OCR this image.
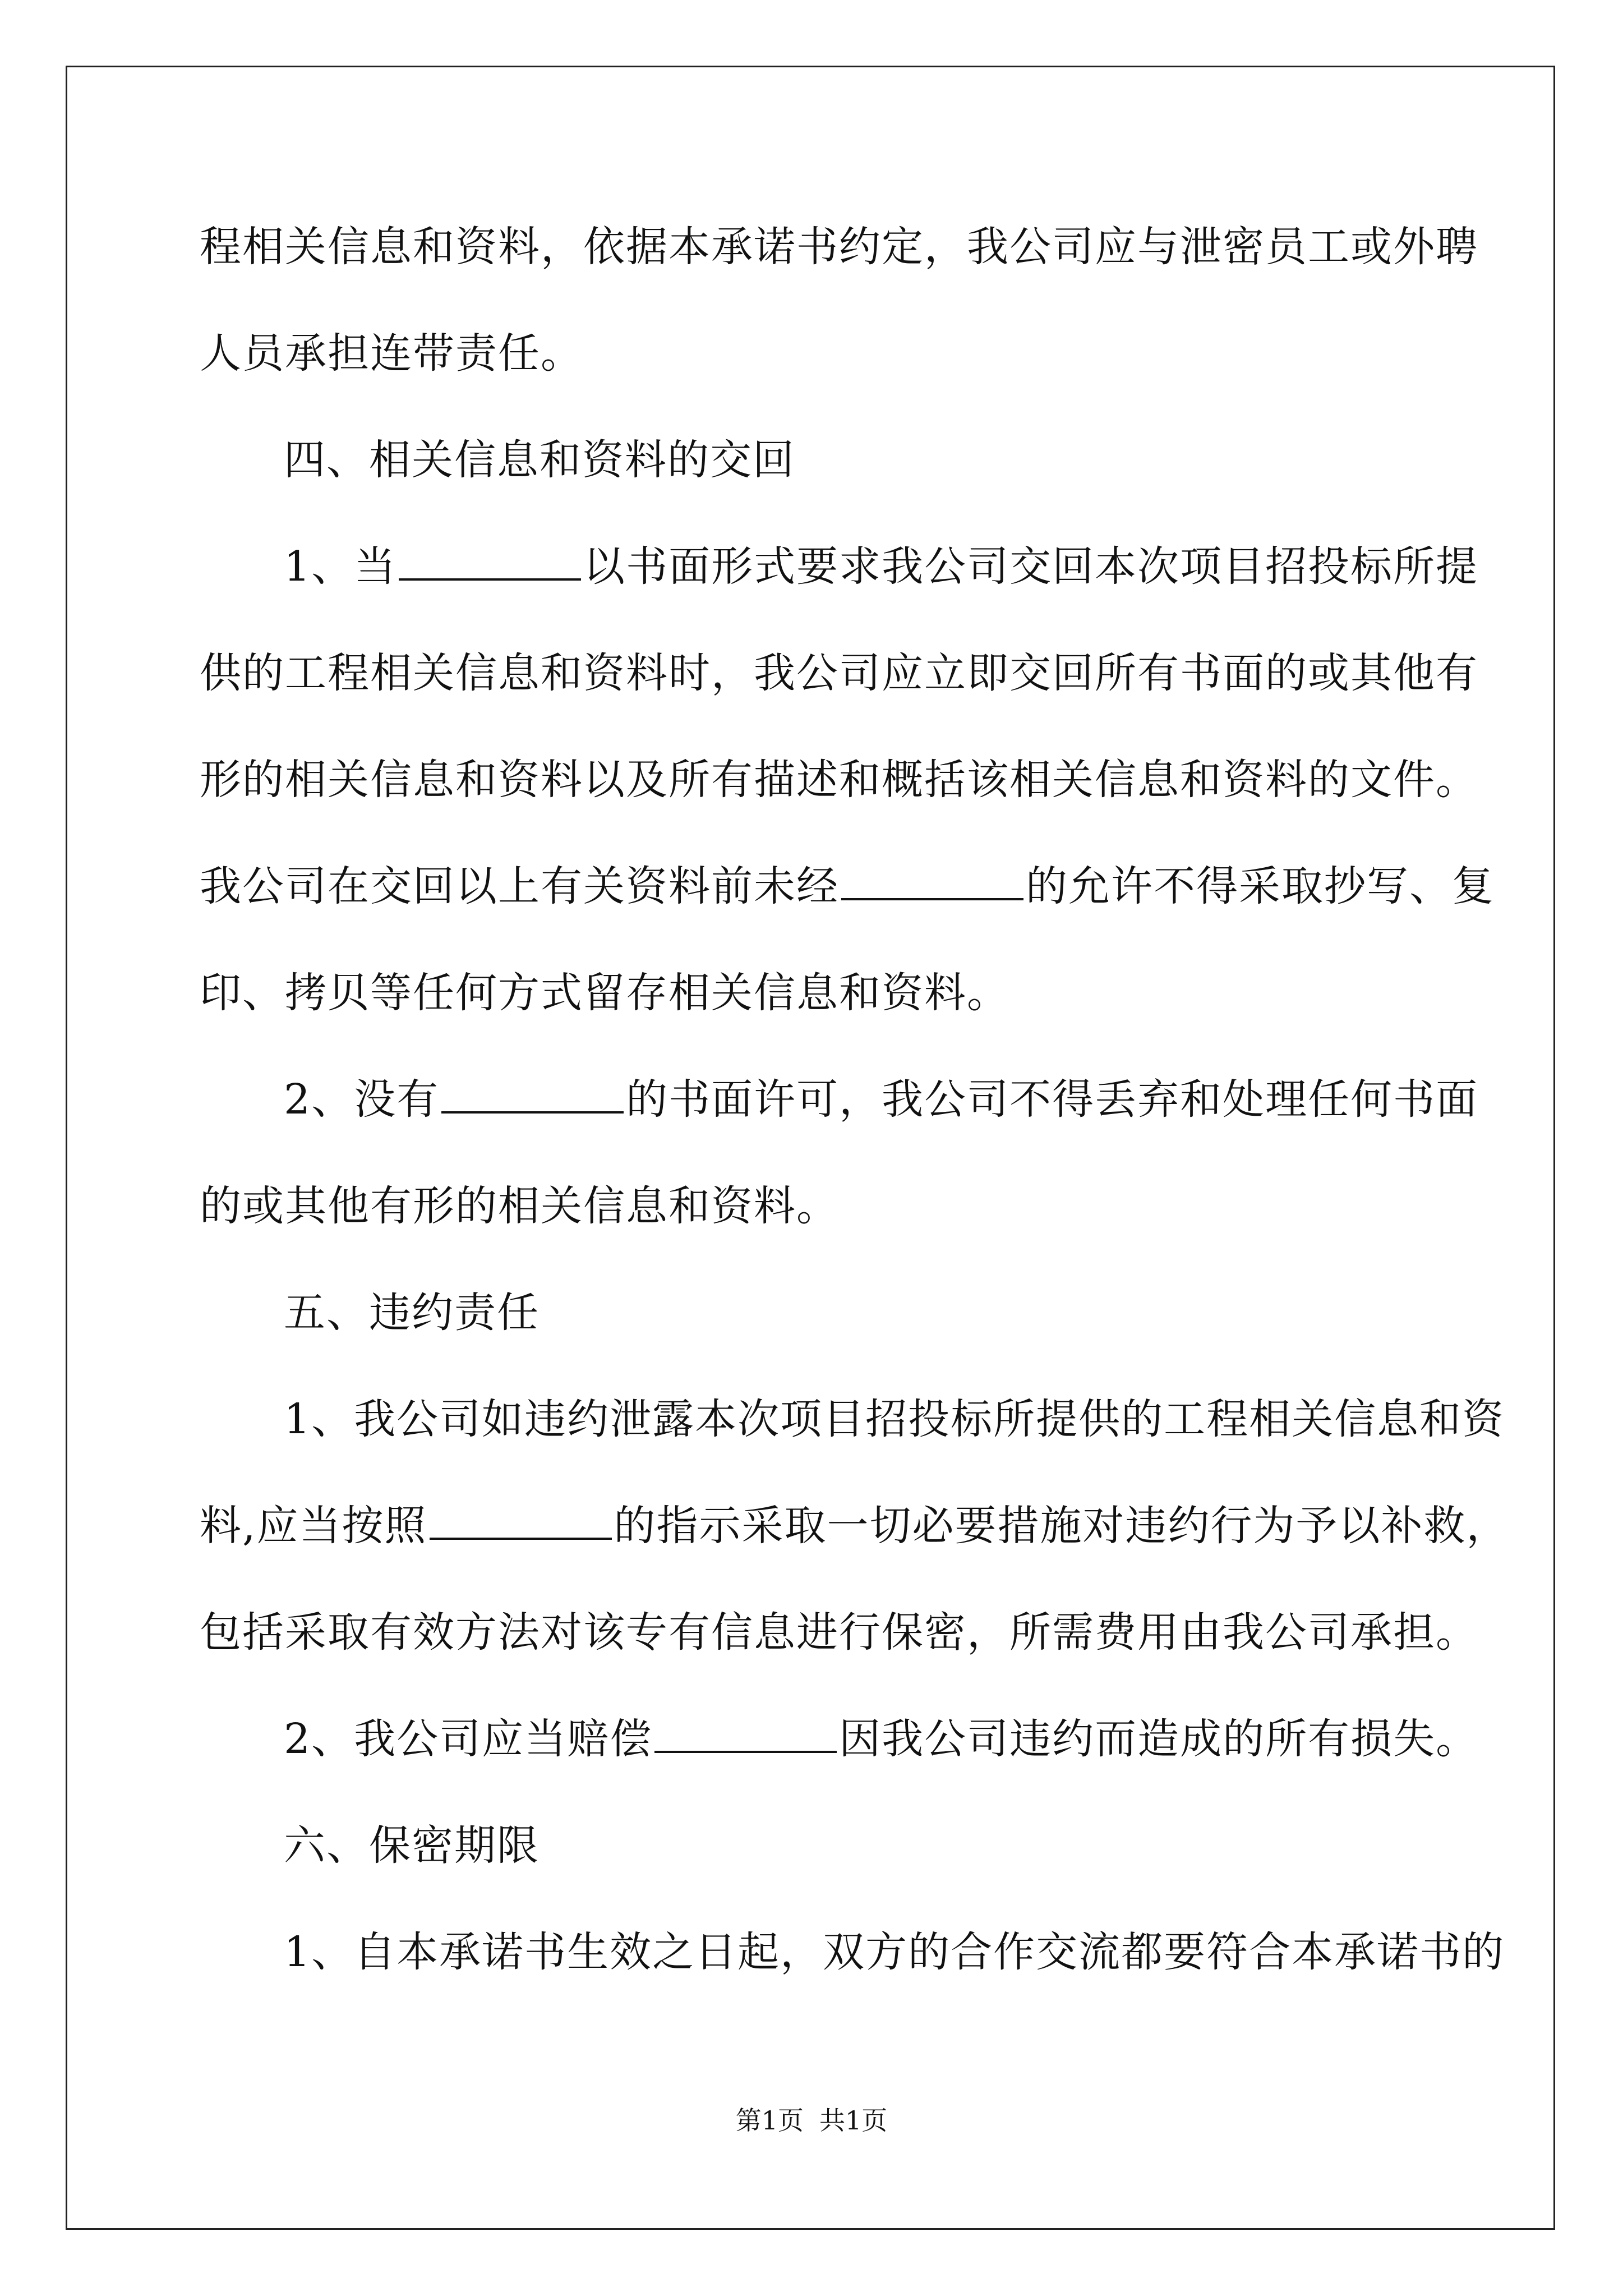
程相关信息和资料，依据本承诺书约定，我公司应与泄密员工或外聘
人员承担连带责任。
四、相关信息和资料的交回
1、当	以书面形式要求我公司交回本次项目招投标所提
供的工程相关信息和资料时，我公司应立即交回所有书面的或其他有
形的相关信息和资料以及所有描述和概括该相关信息和资料的文件。
我公司在交回以上有关资料前未经	的允许不得采取抄写、复
印、拷贝等任何方式留存相关信息和资料。
2、没有	的书面许可，我公司不得丢弃和处理任何书面
的或其他有形的相关信息和资料。
五、违约责任
1、我公司如违约泄露本次项目招投标所提供的工程相关信息和资
料,应当按照	的指示采取一切必要措施对违约行为予以补救，
包括采取有效方法对该专有信息进行保密，所需费用由我公司承担。
2、我公司应当赔偿	因我公司违约而造成的所有损失。
六、保密期限
1、自本承诺书生效之日起，双方的合作交流都要符合本承诺书的
第1页 共1页
